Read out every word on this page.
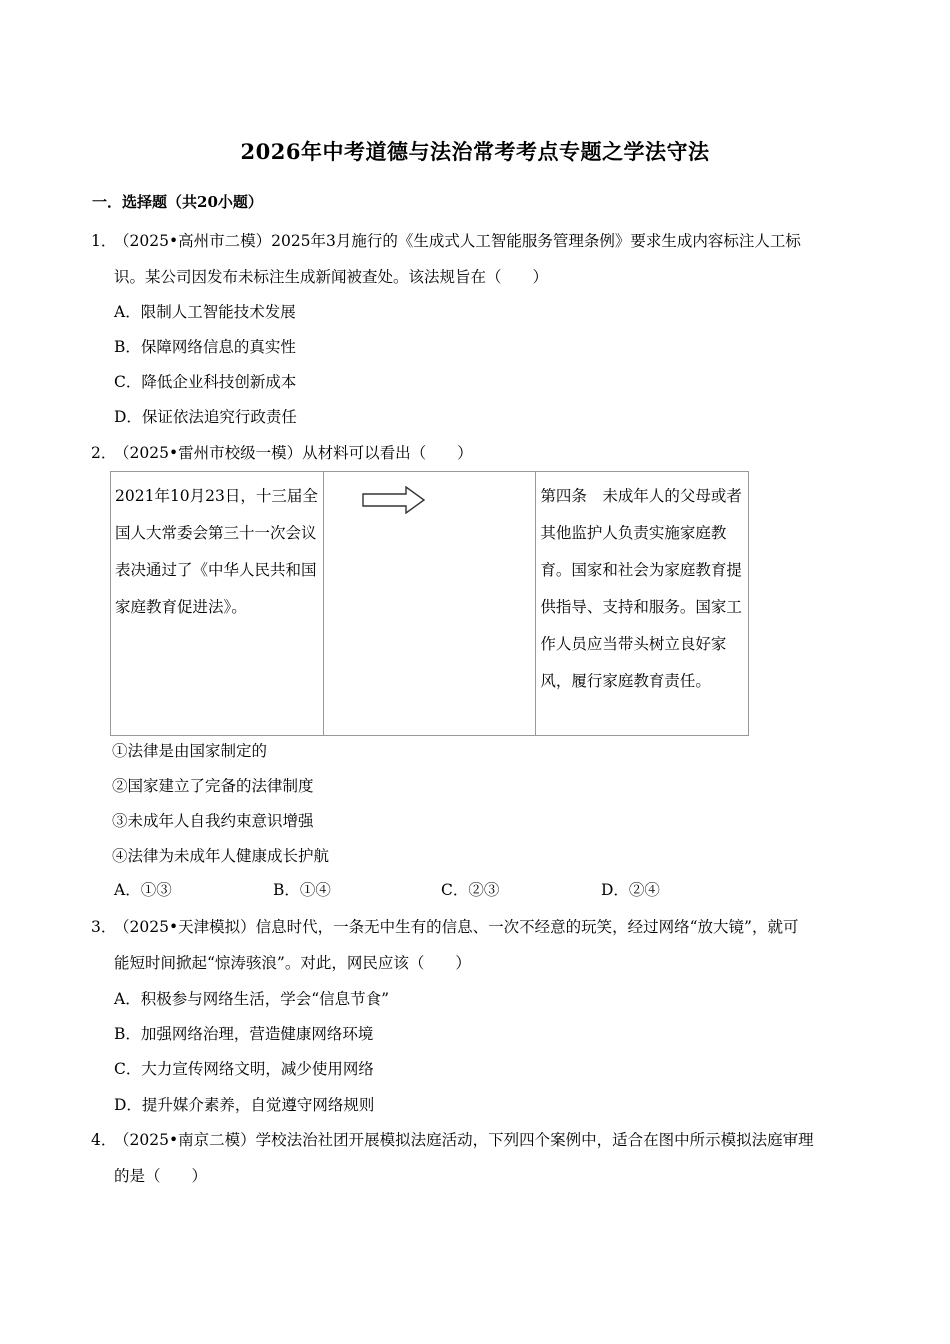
2026年中考道德与法治常考考点专题之学法守法
一．选择题（共20小题）
1．
（2025•高州市二模）2025年3月施行的《生成式人工智能服务管理条例》要求生成内容标注人工标
识。某公司因发布未标注生成新闻被查处。该法规旨在（　　）
A．限制人工智能技术发展
B．保障网络信息的真实性
C．降低企业科技创新成本
D．保证依法追究行政责任
2．
（2025•雷州市校级一模）从材料可以看出（　　）
2021年10月23日，十三届全国人大常委会第三十一次会议表决通过了《中华人民共和国家庭教育促进法》。		第四条　未成年人的父母或者其他监护人负责实施家庭教育。国家和社会为家庭教育提供指导、支持和服务。国家工作人员应当带头树立良好家风，履行家庭教育责任。
①法律是由国家制定的
②国家建立了完备的法律制度
③未成年人自我约束意识增强
④法律为未成年人健康成长护航
A．①③	B．①④	C．②③	D．②④
3．
（2025•天津模拟）信息时代，一条无中生有的信息、一次不经意的玩笑，经过网络“放大镜”，就可
能短时间掀起“惊涛骇浪”。对此，网民应该（　　）
A．积极参与网络生活，学会“信息节食”
B．加强网络治理，营造健康网络环境
C．大力宣传网络文明，减少使用网络
D．提升媒介素养，自觉遵守网络规则
4．
（2025•南京二模）学校法治社团开展模拟法庭活动，下列四个案例中，适合在图中所示模拟法庭审理
的是（　　）
